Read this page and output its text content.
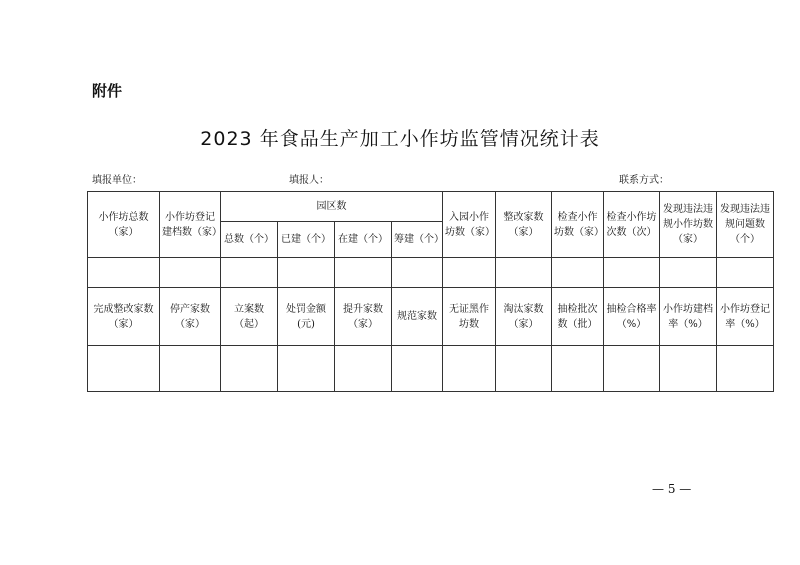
附件
2023 年食品生产加工小作坊监管情况统计表
填报单位：	填报人：	联系方式：
小作坊总数（家）	小作坊登记建档数（家）	园区数				入园小作坊数（家）	整改家数（家）	检查小作坊数（家）	检查小作坊次数（次）	发现违法违规小作坊数（家）	发现违法违规问题数（个）
		总数（个）	已建（个）	在建（个）	筹建（个）						

完成整改家数（家）	停产家数（家）	立案数（起）	处罚金额(元)	提升家数（家）	规范家数	无证黑作坊数	淘汰家数（家）	抽检批次数（批）	抽检合格率（%）	小作坊建档率（%）	小作坊登记率（%）

— 5 —
